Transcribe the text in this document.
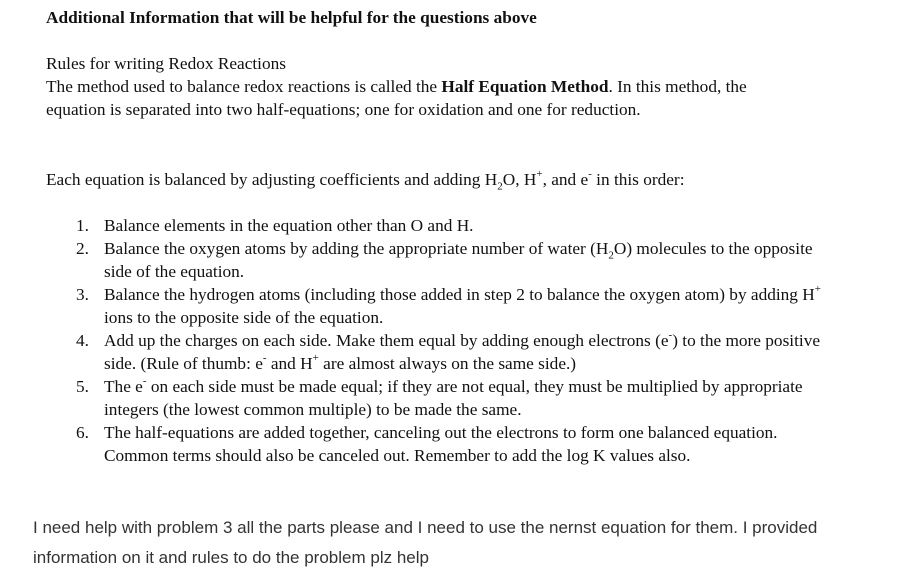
Additional Information that will be helpful for the questions above

Rules for writing Redox Reactions

The method used to balance redox reactions is called the Half Equation Method. In this method, the equation is separated into two half-equations; one for oxidation and one for reduction.

Each equation is balanced by adjusting coefficients and adding $H_2O$, H+, and e- in this order:

1. Balance elements in the equation other than O and H.
2. Balance the oxygen atoms by adding the appropriate number of water $(H_2O)$ molecules to the opposite side of the equation.
3. Balance the hydrogen atoms (including those added in step 2 to balance the oxygen atom) by adding H+ ions to the opposite side of the equation.
4. Add up the charges on each side. Make them equal by adding enough electrons (e-) to the more positive side. (Rule of thumb: e- and H+ are almost always on the same side.)
5. The e- on each side must be made equal; if they are not equal, they must be multiplied by appropriate integers (the lowest common multiple) to be made the same.
6. The half-equations are added together, canceling out the electrons to form one balanced equation. Common terms should also be canceled out. Remember to add the log K values also.

I need help with problem 3 all the parts please and I need to use the nernst equation for them. I provided information on it and rules to do the problem plz help
